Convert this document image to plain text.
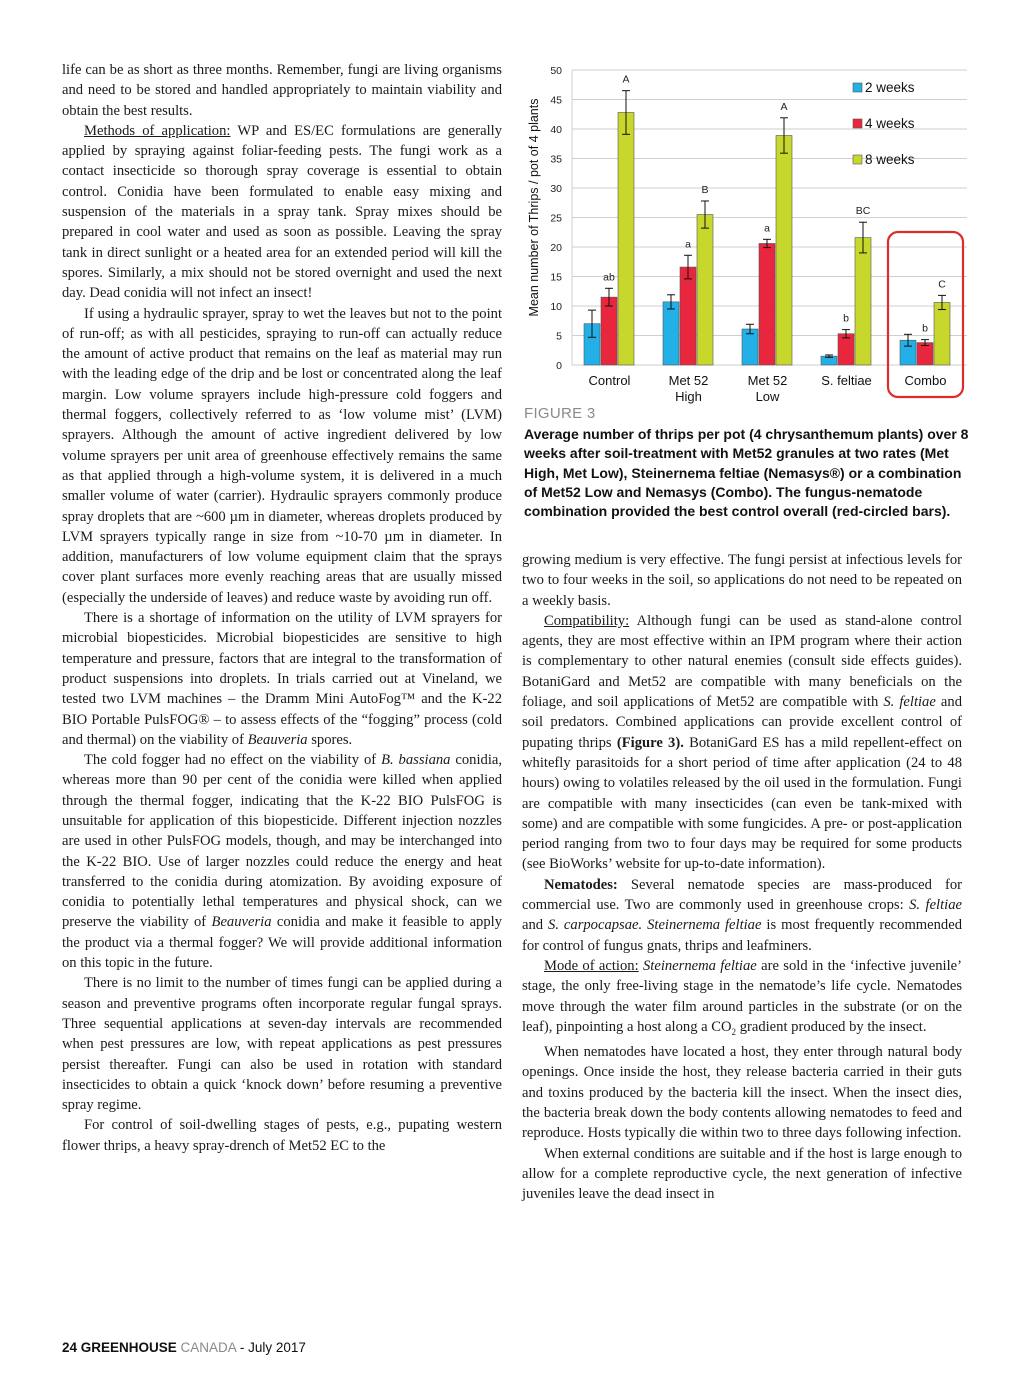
life can be as short as three months. Remember, fungi are living organisms and need to be stored and handled appropriately to maintain viability and obtain the best results.

Methods of application: WP and ES/EC formulations are generally applied by spraying against foliar-feeding pests. The fungi work as a contact insecticide so thorough spray coverage is essential to obtain control. Conidia have been formulated to enable easy mixing and suspension of the materials in a spray tank. Spray mixes should be prepared in cool water and used as soon as possible. Leaving the spray tank in direct sunlight or a heated area for an extended period will kill the spores. Similarly, a mix should not be stored overnight and used the next day. Dead conidia will not infect an insect!

If using a hydraulic sprayer, spray to wet the leaves but not to the point of run-off; as with all pesticides, spraying to run-off can actually reduce the amount of active product that remains on the leaf as material may run with the leading edge of the drip and be lost or concentrated along the leaf margin. Low volume sprayers include high-pressure cold foggers and thermal foggers, collectively referred to as ‘low volume mist’ (LVM) sprayers. Although the amount of active ingredient delivered by low volume sprayers per unit area of greenhouse effectively remains the same as that applied through a high-volume system, it is delivered in a much smaller volume of water (carrier). Hydraulic sprayers commonly produce spray droplets that are ~600 µm in diameter, whereas droplets produced by LVM sprayers typically range in size from ~10-70 µm in diameter. In addition, manufacturers of low volume equipment claim that the sprays cover plant surfaces more evenly reaching areas that are usually missed (especially the underside of leaves) and reduce waste by avoiding run off.

There is a shortage of information on the utility of LVM sprayers for microbial biopesticides. Microbial biopesticides are sensitive to high temperature and pressure, factors that are integral to the transformation of product suspensions into droplets. In trials carried out at Vineland, we tested two LVM machines – the Dramm Mini AutoFog™ and the K-22 BIO Portable PulsFOG® – to assess effects of the “fogging” process (cold and thermal) on the viability of Beauveria spores.

The cold fogger had no effect on the viability of B. bassiana conidia, whereas more than 90 per cent of the conidia were killed when applied through the thermal fogger, indicating that the K-22 BIO PulsFOG is unsuitable for application of this biopesticide. Different injection nozzles are used in other PulsFOG models, though, and may be interchanged into the K-22 BIO. Use of larger nozzles could reduce the energy and heat transferred to the conidia during atomization. By avoiding exposure of conidia to potentially lethal temperatures and physical shock, can we preserve the viability of Beauveria conidia and make it feasible to apply the product via a thermal fogger? We will provide additional information on this topic in the future.

There is no limit to the number of times fungi can be applied during a season and preventive programs often incorporate regular fungal sprays. Three sequential applications at seven-day intervals are recommended when pest pressures are low, with repeat applications as pest pressures persist thereafter. Fungi can also be used in rotation with standard insecticides to obtain a quick ‘knock down’ before resuming a preventive spray regime.

For control of soil-dwelling stages of pests, e.g., pupating western flower thrips, a heavy spray-drench of Met52 EC to the

0
5
10
15
20
25
30
35
40
45
50
Mean number of Thrips / pot of 4 plants	ab
a
a
b
b
A
B
A
BC
C
Control	Met 52
High
Met 52
Low
S. feltiae	Combo
2 weeks
4 weeks
8 weeks
FIGURE 3
Average number of thrips per pot (4 chrysanthemum plants) over 8 weeks after soil-treatment with Met52 granules at two rates (Met High, Met Low), Steinernema feltiae (Nemasys®) or a combination of Met52 Low and Nemasys (Combo). The fungus-nematode combination provided the best control overall (red-circled bars).

growing medium is very effective. The fungi persist at infectious levels for two to four weeks in the soil, so applications do not need to be repeated on a weekly basis.

Compatibility: Although fungi can be used as stand-alone control agents, they are most effective within an IPM program where their action is complementary to other natural enemies (consult side effects guides). BotaniGard and Met52 are compatible with many beneficials on the foliage, and soil applications of Met52 are compatible with S. feltiae and soil predators. Combined applications can provide excellent control of pupating thrips (Figure 3). BotaniGard ES has a mild repellent-effect on whitefly parasitoids for a short period of time after application (24 to 48 hours) owing to volatiles released by the oil used in the formulation. Fungi are compatible with many insecticides (can even be tank-mixed with some) and are compatible with some fungicides. A pre- or post-application period ranging from two to four days may be required for some products (see BioWorks’ website for up-to-date information).

Nematodes: Several nematode species are mass-produced for commercial use. Two are commonly used in greenhouse crops: S. feltiae and S. carpocapsae. Steinernema feltiae is most frequently recommended for control of fungus gnats, thrips and leafminers.

Mode of action: Steinernema feltiae are sold in the ‘infective juvenile’ stage, the only free-living stage in the nematode’s life cycle. Nematodes move through the water film around particles in the substrate (or on the leaf), pinpointing a host along a $CO_2$ gradient produced by the insect.

When nematodes have located a host, they enter through natural body openings. Once inside the host, they release bacteria carried in their guts and toxins produced by the bacteria kill the insect. When the insect dies, the bacteria break down the body contents allowing nematodes to feed and reproduce. Hosts typically die within two to three days following infection.

When external conditions are suitable and if the host is large enough to allow for a complete reproductive cycle, the next generation of infective juveniles leave the dead insect in

24 GREENHOUSE CANADA - July 2017
